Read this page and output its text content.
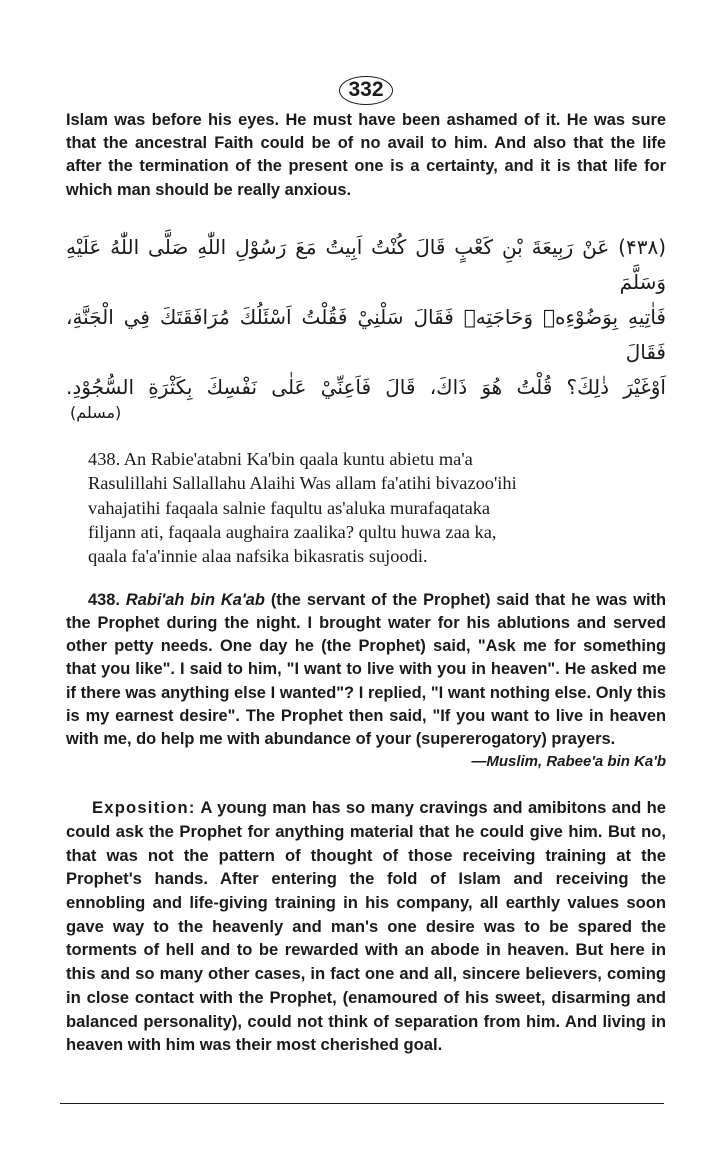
332

Islam was before his eyes. He must have been ashamed of it. He was sure that the ancestral Faith could be of no avail to him. And also that the life after the termination of the present one is a certainty, and it is that life for which man should be really anxious.

(۴۳۸) عَنْ رَبِيعَةَ بْنِ كَعْبٍ قَالَ كُنْتُ اَبِيتُ مَعَ رَسُوْلِ اللّٰهِ صَلَّى اللّٰهُ عَلَيْهِ وَسَلَّمَ
فَاٰتِيهِ بِوَضُوْءِهٖ وَحَاجَتِهٖ فَقَالَ سَلْنِيْ فَقُلْتُ اَسْئَلُكَ مُرَافَقَتَكَ فِي الْجَنَّةِ، فَقَالَ
اَوْغَيْرَ ذٰلِكَ؟ قُلْتُ هُوَ ذَاكَ، قَالَ فَاَعِنِّيْ عَلٰى نَفْسِكَ بِكَثْرَةِ السُّجُوْدِ.
(مسلم)
438. An Rabie'atabni Ka'bin qaala kuntu abietu ma'a
Rasulillahi Sallallahu Alaihi Was allam fa'atihi bivazoo'ihi
vahajatihi faqaala salnie faqultu as'aluka murafaqataka
filjann ati, faqaala aughaira zaalika? qultu huwa zaa ka,
qaala fa'a'innie alaa nafsika bikasratis sujoodi.

438. Rabi'ah bin Ka'ab (the servant of the Prophet) said that he was with the Prophet during the night. I brought water for his ablutions and served other petty needs. One day he (the Prophet) said, "Ask me for something that you like". I said to him, "I want to live with you in heaven". He asked me if there was anything else I wanted"? I replied, "I want nothing else. Only this is my earnest desire". The Prophet then said, "If you want to live in heaven with me, do help me with abundance of your (supererogatory) prayers.

—Muslim, Rabee'a bin Ka'b

Exposition: A young man has so many cravings and amibitons and he could ask the Prophet for anything material that he could give him. But no, that was not the pattern of thought of those receiving training at the Prophet's hands. After entering the fold of Islam and receiving the ennobling and life-giving training in his company, all earthly values soon gave way to the heavenly and man's one desire was to be spared the torments of hell and to be rewarded with an abode in heaven. But here in this and so many other cases, in fact one and all, sincere believers, coming in close contact with the Prophet, (enamoured of his sweet, disarming and balanced personality), could not think of separation from him. And living in heaven with him was their most cherished goal.
